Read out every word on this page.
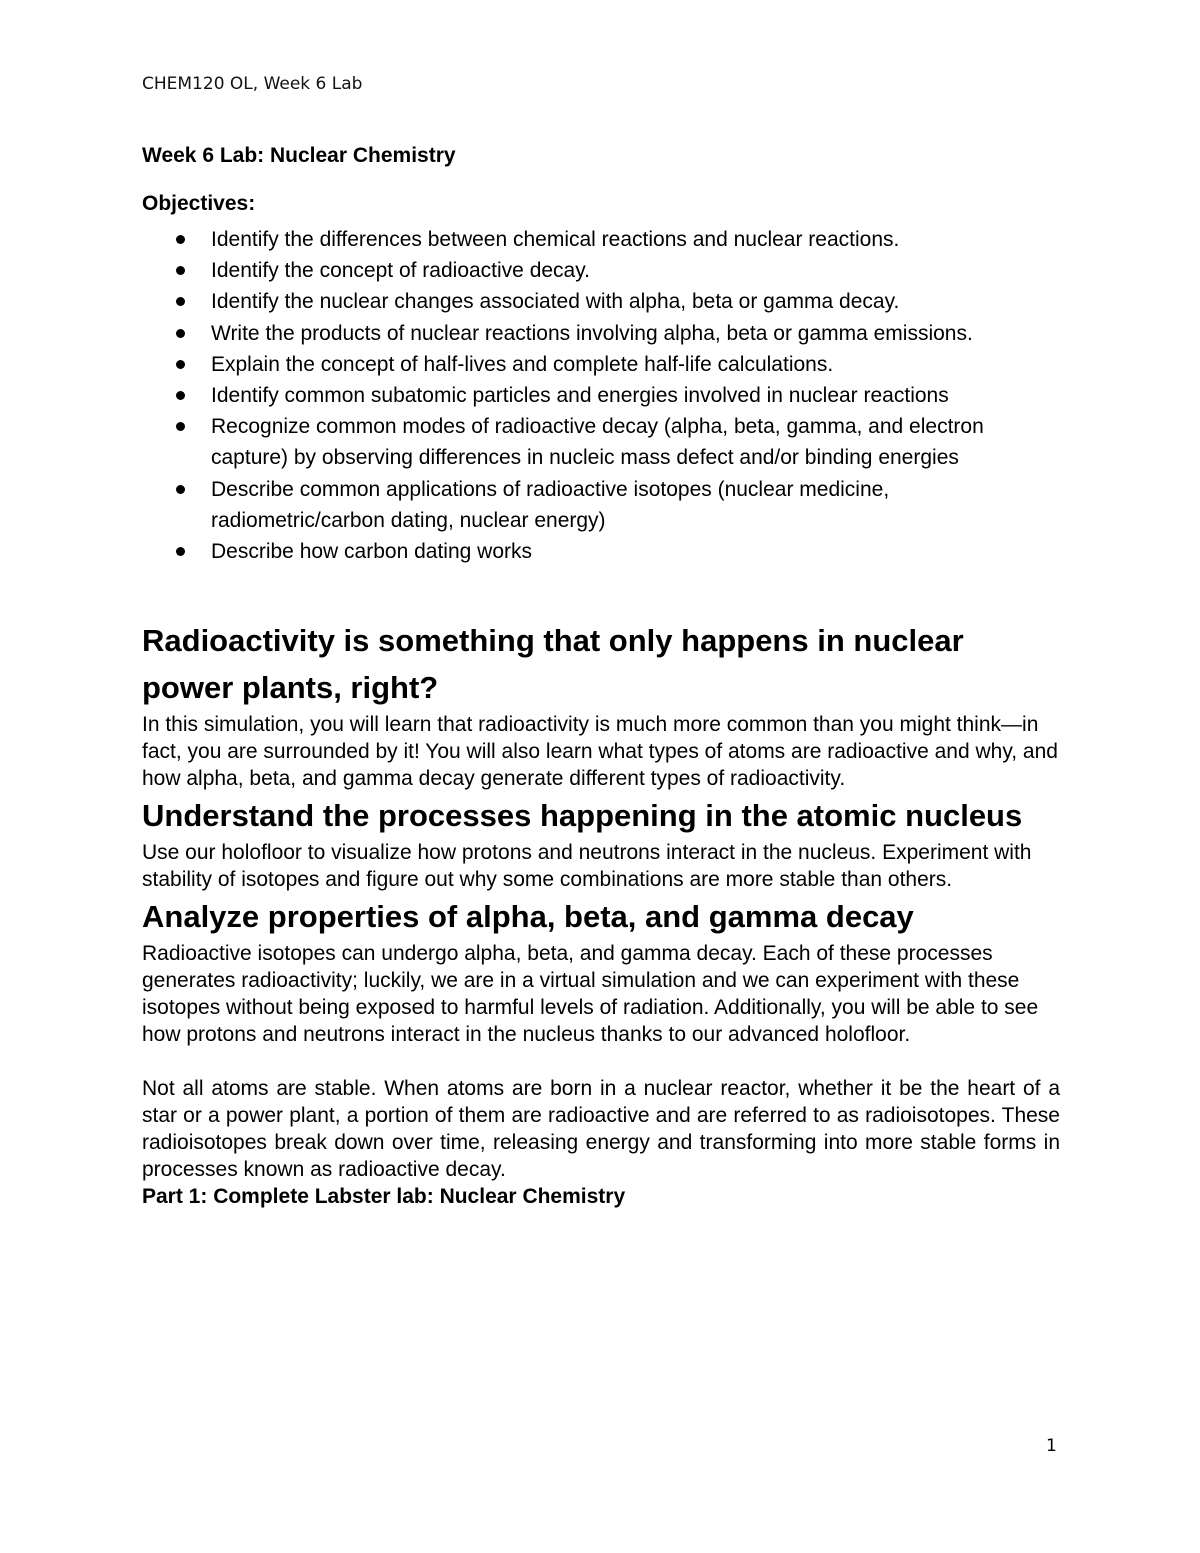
CHEM120 OL, Week 6 Lab

Week 6 Lab: Nuclear Chemistry

Objectives:

Identify the differences between chemical reactions and nuclear reactions.
Identify the concept of radioactive decay.
Identify the nuclear changes associated with alpha, beta or gamma decay.
Write the products of nuclear reactions involving alpha, beta or gamma emissions.
Explain the concept of half-lives and complete half-life calculations.
Identify common subatomic particles and energies involved in nuclear reactions
Recognize common modes of radioactive decay (alpha, beta, gamma, and electron capture) by observing differences in nucleic mass defect and/or binding energies
Describe common applications of radioactive isotopes (nuclear medicine, radiometric/carbon dating, nuclear energy)
Describe how carbon dating works
Radioactivity is something that only happens in nuclear power plants, right?

In this simulation, you will learn that radioactivity is much more common than you might think—in fact, you are surrounded by it! You will also learn what types of atoms are radioactive and why, and how alpha, beta, and gamma decay generate different types of radioactivity.

Understand the processes happening in the atomic nucleus

Use our holofloor to visualize how protons and neutrons interact in the nucleus. Experiment with stability of isotopes and figure out why some combinations are more stable than others.

Analyze properties of alpha, beta, and gamma decay

Radioactive isotopes can undergo alpha, beta, and gamma decay. Each of these processes generates radioactivity; luckily, we are in a virtual simulation and we can experiment with these isotopes without being exposed to harmful levels of radiation. Additionally, you will be able to see how protons and neutrons interact in the nucleus thanks to our advanced holofloor.

Not all atoms are stable. When atoms are born in a nuclear reactor, whether it be the heart of a star or a power plant, a portion of them are radioactive and are referred to as radioisotopes. These radioisotopes break down over time, releasing energy and transforming into more stable forms in processes known as radioactive decay.

Part 1: Complete Labster lab: Nuclear Chemistry

1
